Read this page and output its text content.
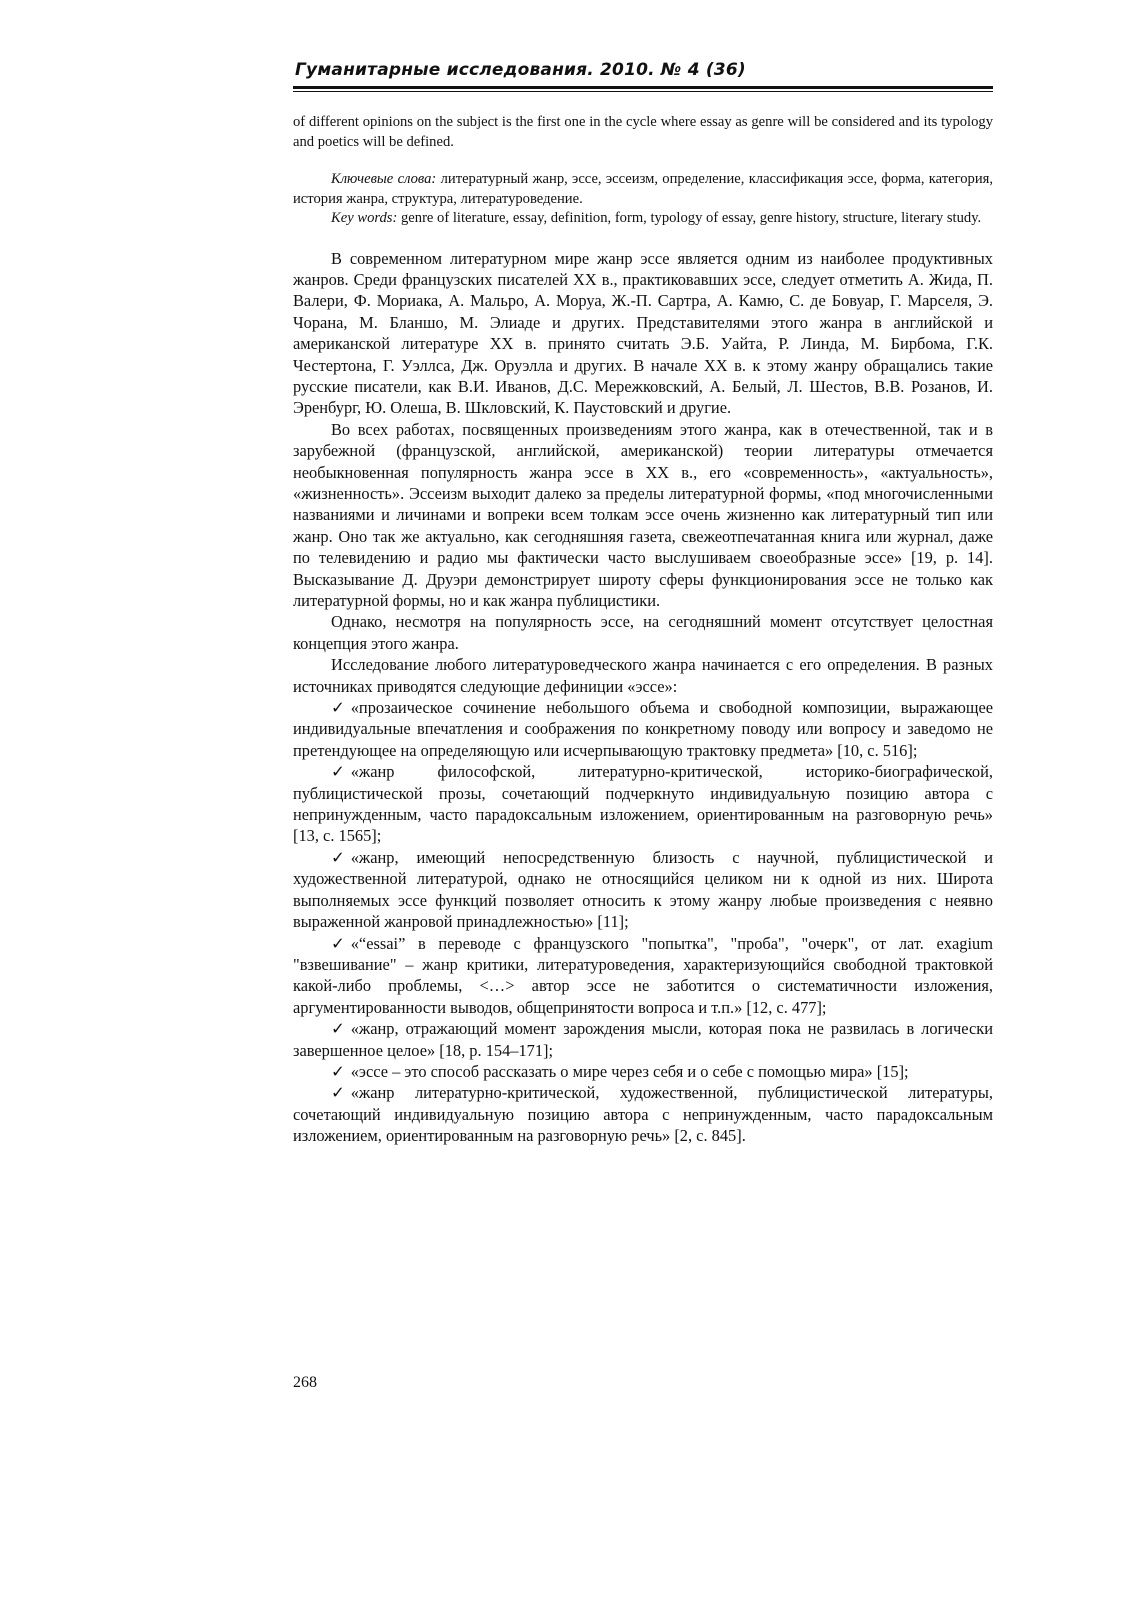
Гуманитарные исследования. 2010. № 4 (36)

of different opinions on the subject is the first one in the cycle where essay as genre will be considered and its typology and poetics will be defined.

Ключевые слова: литературный жанр, эссе, эссеизм, определение, классификация эссе, форма, категория, история жанра, структура, литературоведение.

Key words: genre of literature, essay, definition, form, typology of essay, genre history, structure, literary study.

В современном литературном мире жанр эссе является одним из наиболее продуктивных жанров. Среди французских писателей XX в., практиковавших эссе, следует отметить А. Жида, П. Валери, Ф. Мориака, А. Мальро, А. Моруа, Ж.-П. Сартра, А. Камю, С. де Бовуар, Г. Марселя, Э. Чорана, М. Бланшо, М. Элиаде и других. Представителями этого жанра в английской и американской литературе XX в. принято считать Э.Б. Уайта, Р. Линда, М. Бирбома, Г.К. Честертона, Г. Уэллса, Дж. Оруэлла и других. В начале XX в. к этому жанру обращались такие русские писатели, как В.И. Иванов, Д.С. Мережковский, А. Белый, Л. Шестов, В.В. Розанов, И. Эренбург, Ю. Олеша, В. Шкловский, К. Паустовский и другие.

Во всех работах, посвященных произведениям этого жанра, как в отечественной, так и в зарубежной (французской, английской, американской) теории литературы отмечается необыкновенная популярность жанра эссе в XX в., его «современность», «актуальность», «жизненность». Эссеизм выходит далеко за пределы литературной формы, «под многочисленными названиями и личинами и вопреки всем толкам эссе очень жизненно как литературный тип или жанр. Оно так же актуально, как сегодняшняя газета, свежеотпечатанная книга или журнал, даже по телевидению и радио мы фактически часто выслушиваем своеобразные эссе» [19, p. 14]. Высказывание Д. Друэри демонстрирует широту сферы функционирования эссе не только как литературной формы, но и как жанра публицистики.

Однако, несмотря на популярность эссе, на сегодняшний момент отсутствует целостная концепция этого жанра.

Исследование любого литературоведческого жанра начинается с его определения. В разных источниках приводятся следующие дефиниции «эссе»:

✓ «прозаическое сочинение небольшого объема и свободной композиции, выражающее индивидуальные впечатления и соображения по конкретному поводу или вопросу и заведомо не претендующее на определяющую или исчерпывающую трактовку предмета» [10, с. 516];

✓ «жанр философской, литературно-критической, историко-биографической, публицистической прозы, сочетающий подчеркнуто индивидуальную позицию автора с непринужденным, часто парадоксальным изложением, ориентированным на разговорную речь» [13, с. 1565];

✓ «жанр, имеющий непосредственную близость с научной, публицистической и художественной литературой, однако не относящийся целиком ни к одной из них. Широта выполняемых эссе функций позволяет относить к этому жанру любые произведения с неявно выраженной жанровой принадлежностью» [11];

✓ «“essai” в переводе с французского "попытка", "проба", "очерк", от лат. exagium "взвешивание" – жанр критики, литературоведения, характеризующийся свободной трактовкой какой-либо проблемы, <…> автор эссе не заботится о систематичности изложения, аргументированности выводов, общепринятости вопроса и т.п.» [12, с. 477];

✓ «жанр, отражающий момент зарождения мысли, которая пока не развилась в логически завершенное целое» [18, p. 154–171];

✓ «эссе – это способ рассказать о мире через себя и о себе с помощью мира» [15];

✓ «жанр литературно-критической, художественной, публицистической литературы, сочетающий индивидуальную позицию автора с непринужденным, часто парадоксальным изложением, ориентированным на разговорную речь» [2, с. 845].

268
